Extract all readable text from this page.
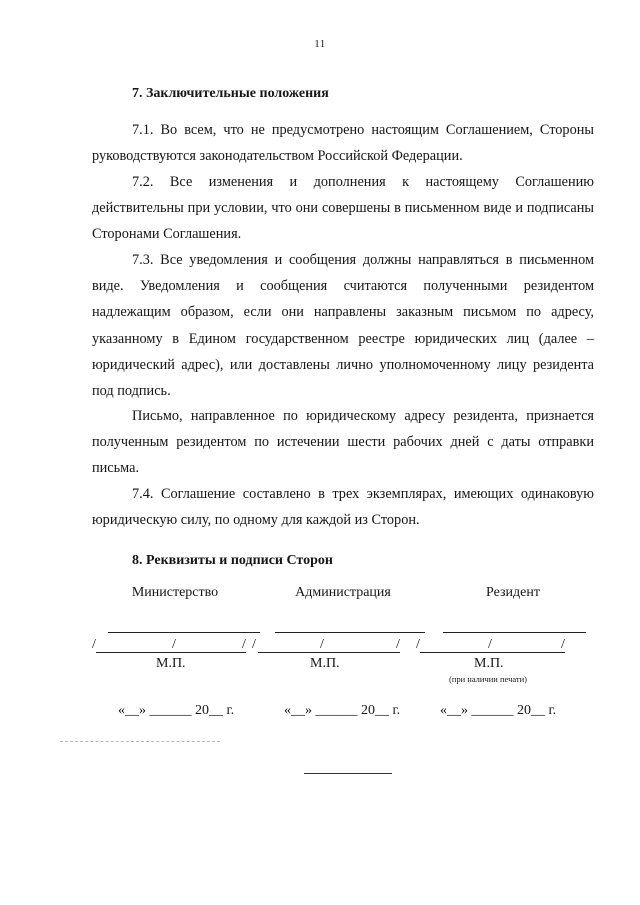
11
7. Заключительные положения

7.1. Во всем, что не предусмотрено настоящим Соглашением, Стороны руководствуются законодательством Российской Федерации.

7.2. Все изменения и дополнения к настоящему Соглашению действительны при условии, что они совершены в письменном виде и подписаны Сторонами Соглашения.

7.3. Все уведомления и сообщения должны направляться в письменном виде. Уведомления и сообщения считаются полученными резидентом надлежащим образом, если они направлены заказным письмом по адресу, указанному в Едином государственном реестре юридических лиц (далее – юридический адрес), или доставлены лично уполномоченному лицу резидента под подпись.

Письмо, направленное по юридическому адресу резидента, признается полученным резидентом по истечении шести рабочих дней с даты отправки письма.

7.4. Соглашение составлено в трех экземплярах, имеющих одинаковую юридическую силу, по одному для каждой из Сторон.

8. Реквизиты и подписи Сторон
Министерство	Администрация	Резидент
/	/	/ /	/	/ /	/	/
М.П.	М.П.	М.П.
(при наличии печати)
«__» ______ 20__ г.	«__» ______ 20__ г.	«__» ______ 20__ г.
